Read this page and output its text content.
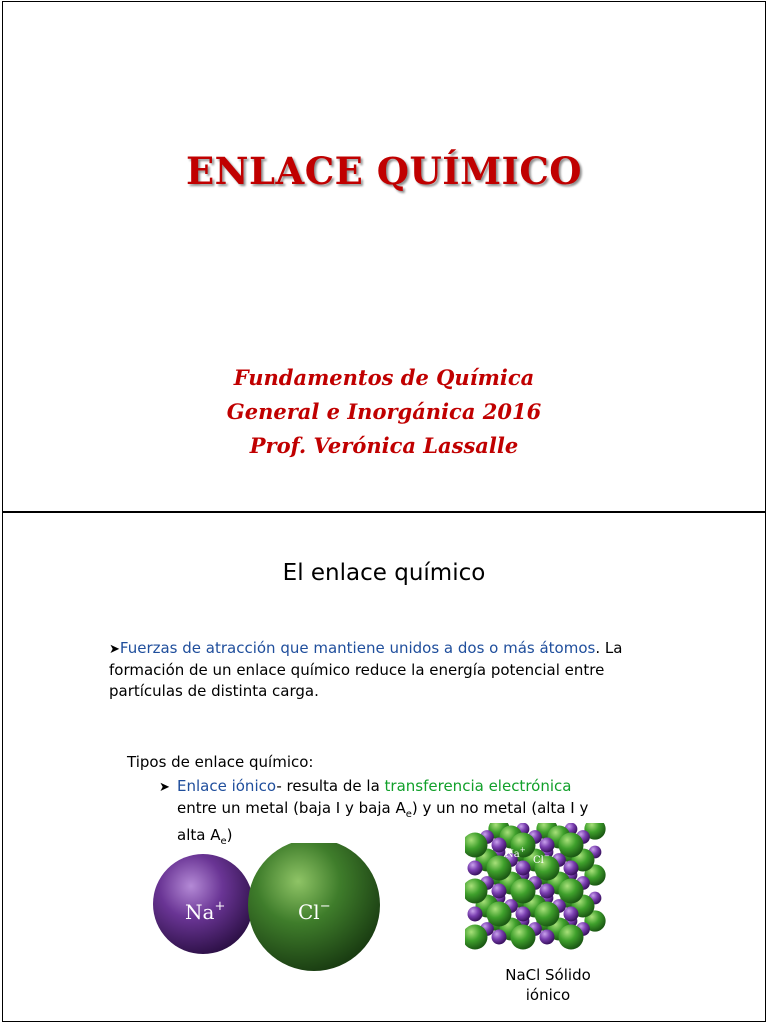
ENLACE QUÍMICO
Fundamentos de Química
General e Inorgánica 2016
Prof. Verónica Lassalle
El enlace químico
➤Fuerzas de atracción que mantiene unidos a dos o más átomos. La
formación de un enlace químico reduce la energía potencial entre
partículas de distinta carga.
Tipos de enlace químico:
➤ Enlace iónico- resulta de la transferencia electrónica
entre un metal (baja I y baja $A_e$) y un no metal (alta I y
alta $A_e$)
Na+	Cl−
Na+
Cl−
NaCl Sólido
iónico
